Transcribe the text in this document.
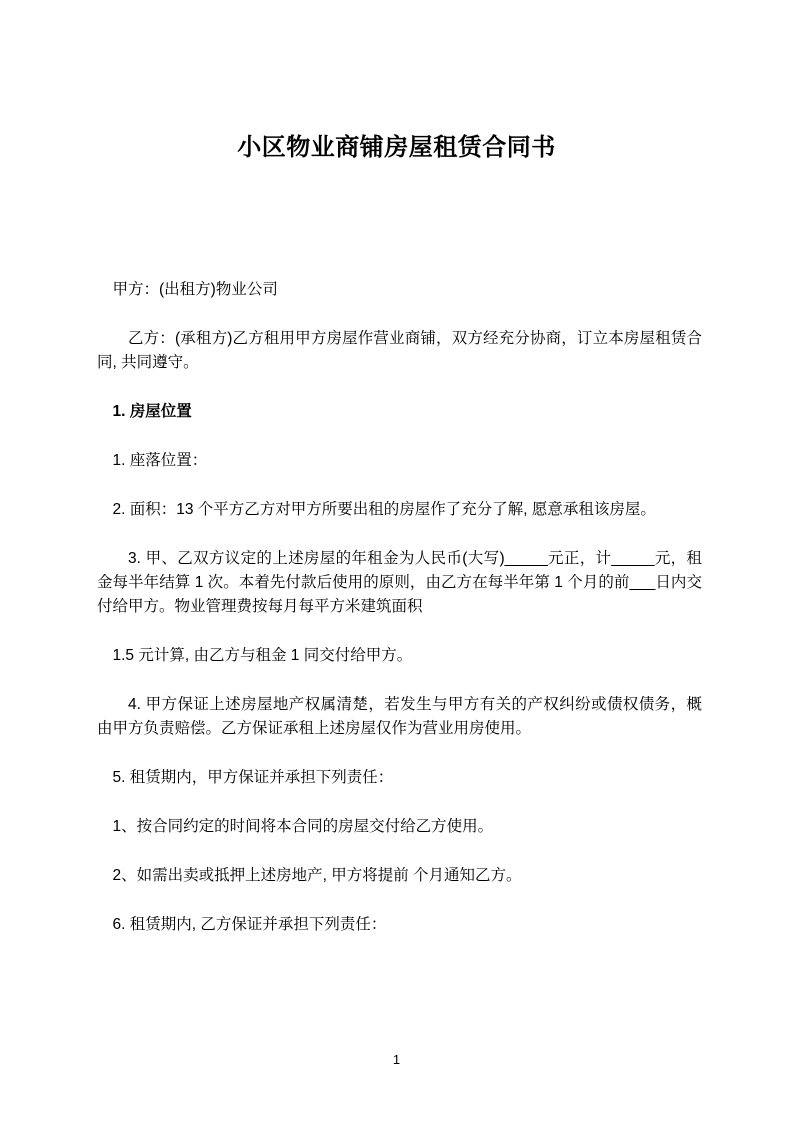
小区物业商铺房屋租赁合同书

甲方：(出租方)物业公司

乙方：(承租方)乙方租用甲方房屋作营业商铺，双方经充分协商，订立本房屋租赁合同, 共同遵守。

1. 房屋位置

1. 座落位置：

2. 面积：13 个平方乙方对甲方所要出租的房屋作了充分了解, 愿意承租该房屋。

3. 甲、乙双方议定的上述房屋的年租金为人民币(大写)_____元正，计_____元，租金每半年结算 1 次。本着先付款后使用的原则，由乙方在每半年第 1 个月的前___日内交付给甲方。物业管理费按每月每平方米建筑面积

1.5 元计算, 由乙方与租金 1 同交付给甲方。

4. 甲方保证上述房屋地产权属清楚，若发生与甲方有关的产权纠纷或债权债务，概由甲方负责赔偿。乙方保证承租上述房屋仅作为营业用房使用。

5. 租赁期内，甲方保证并承担下列责任：

1、按合同约定的时间将本合同的房屋交付给乙方使用。

2、如需出卖或抵押上述房地产, 甲方将提前 个月通知乙方。

6. 租赁期内, 乙方保证并承担下列责任：

1
